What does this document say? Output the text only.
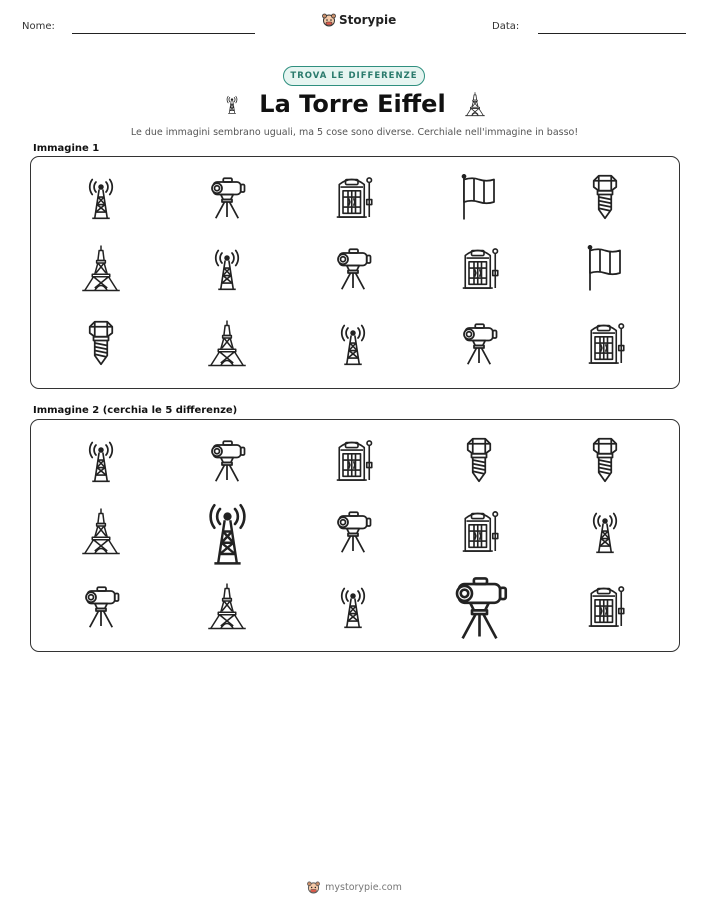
Nome:	Storypie	Data:
TROVA LE DIFFERENZE
La Torre Eiffel
Le due immagini sembrano uguali, ma 5 cose sono diverse. Cerchiale nell'immagine in basso!
Immagine 1
Immagine 2 (cerchia le 5 differenze)
mystorypie.com
